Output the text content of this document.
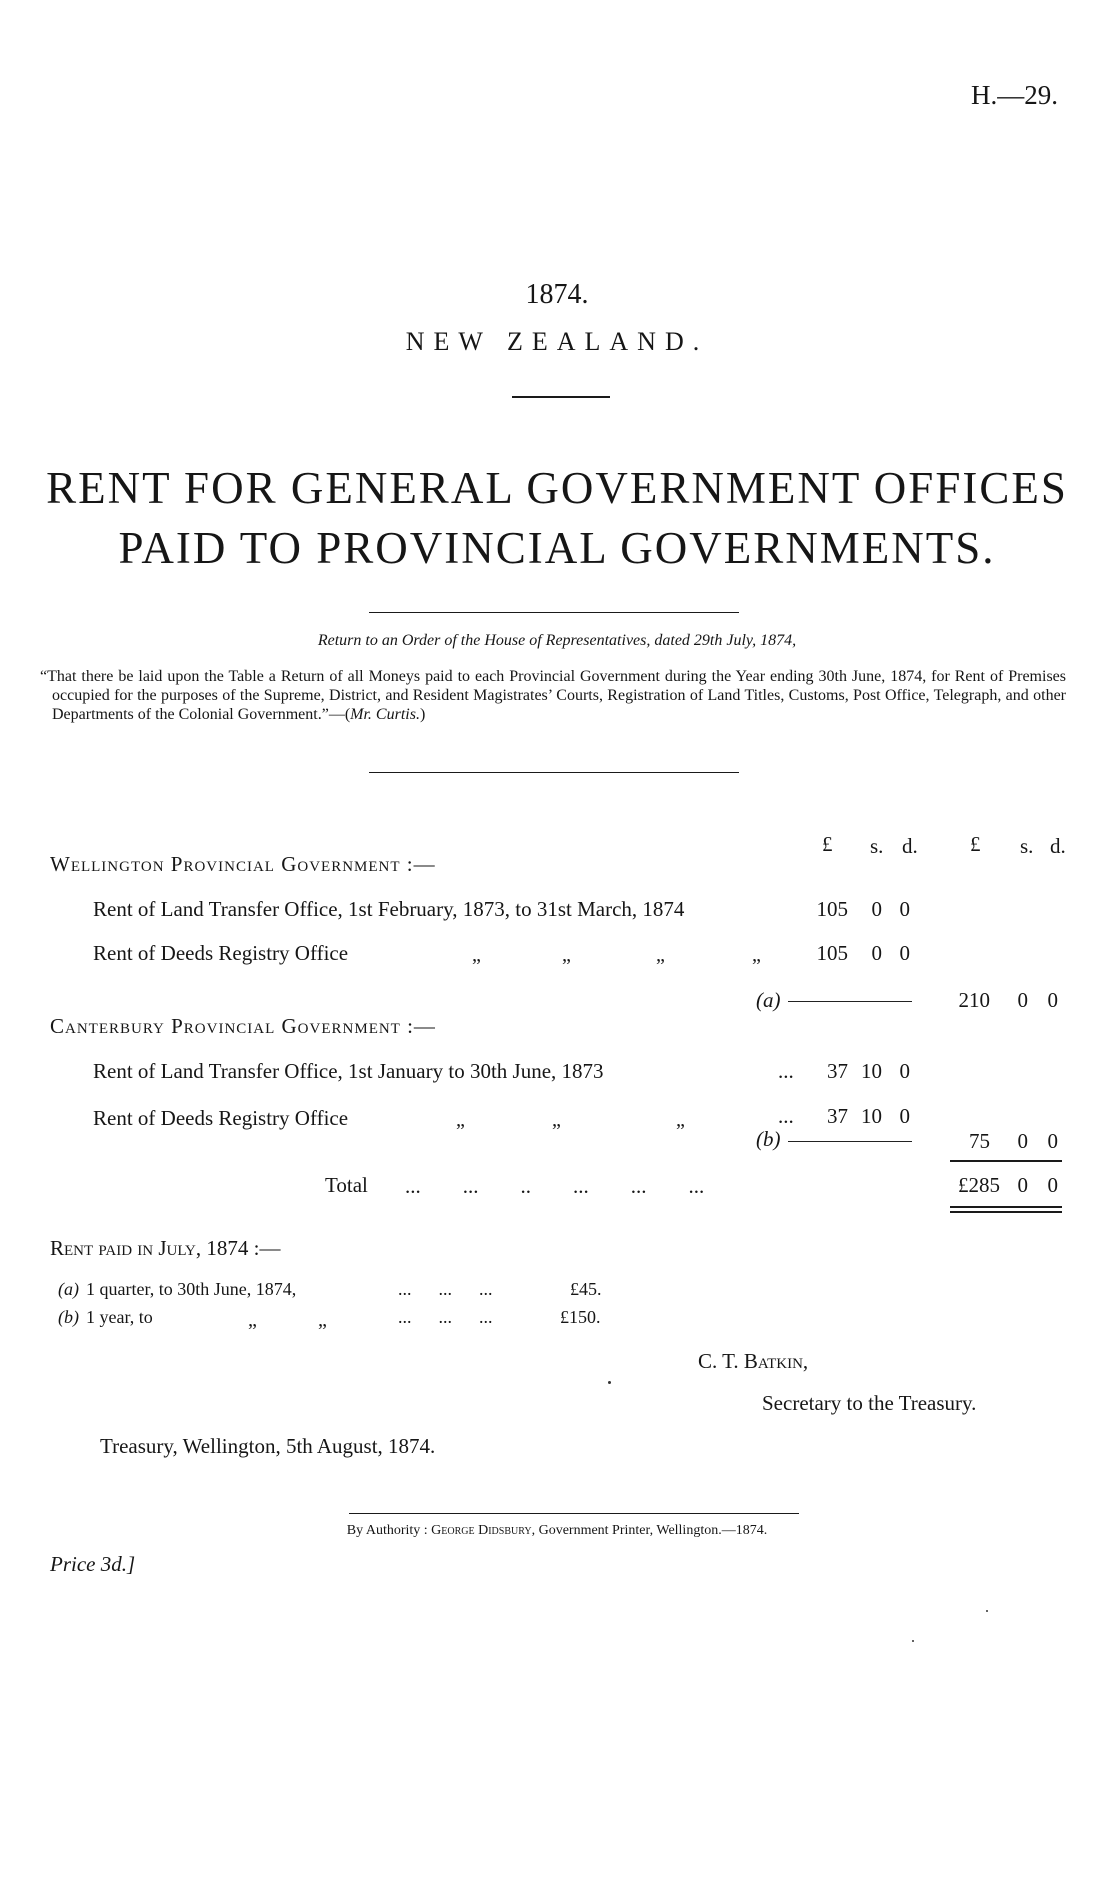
H.—29.
1874.
NEW ZEALAND.
RENT FOR GENERAL GOVERNMENT OFFICES
PAID TO PROVINCIAL GOVERNMENTS.
Return to an Order of the House of Representatives, dated 29th July, 1874,

“That there be laid upon the Table a Return of all Moneys paid to each Provincial Government during the Year ending 30th June, 1874, for Rent of Premises occupied for the purposes of the Supreme, District, and Resident Magistrates’ Courts, Registration of Land Titles, Customs, Post Office, Telegraph, and other Departments of the Colonial Government.”—(Mr. Curtis.)

£ s. d. £ s. d.
Wellington Provincial Government :—
Rent of Land Transfer Office, 1st February, 1873, to 31st March, 1874	105	0 0
Rent of Deeds Registry Office	„	„	„	„	105	0 0
(a)	210	0 0
Canterbury Provincial Government :—
Rent of Land Transfer Office, 1st January to 30th June, 1873	...	37 10 0
Rent of Deeds Registry Office	„	„	„	...	37 10 0
(b)	75	0 0
Total ...        ...        ..        ...        ...        ...	£285 0 0
Rent paid in July, 1874 :—
(a) 1 quarter, to 30th June, 1874,	...      ...      ...	£45.
(b) 1 year, to	„	„	...      ...      ...	£150.
C. T. Batkin,
Secretary to the Treasury.
Treasury, Wellington, 5th August, 1874.
By Authority : George Didsbury, Government Printer, Wellington.—1874.
Price 3d.]
